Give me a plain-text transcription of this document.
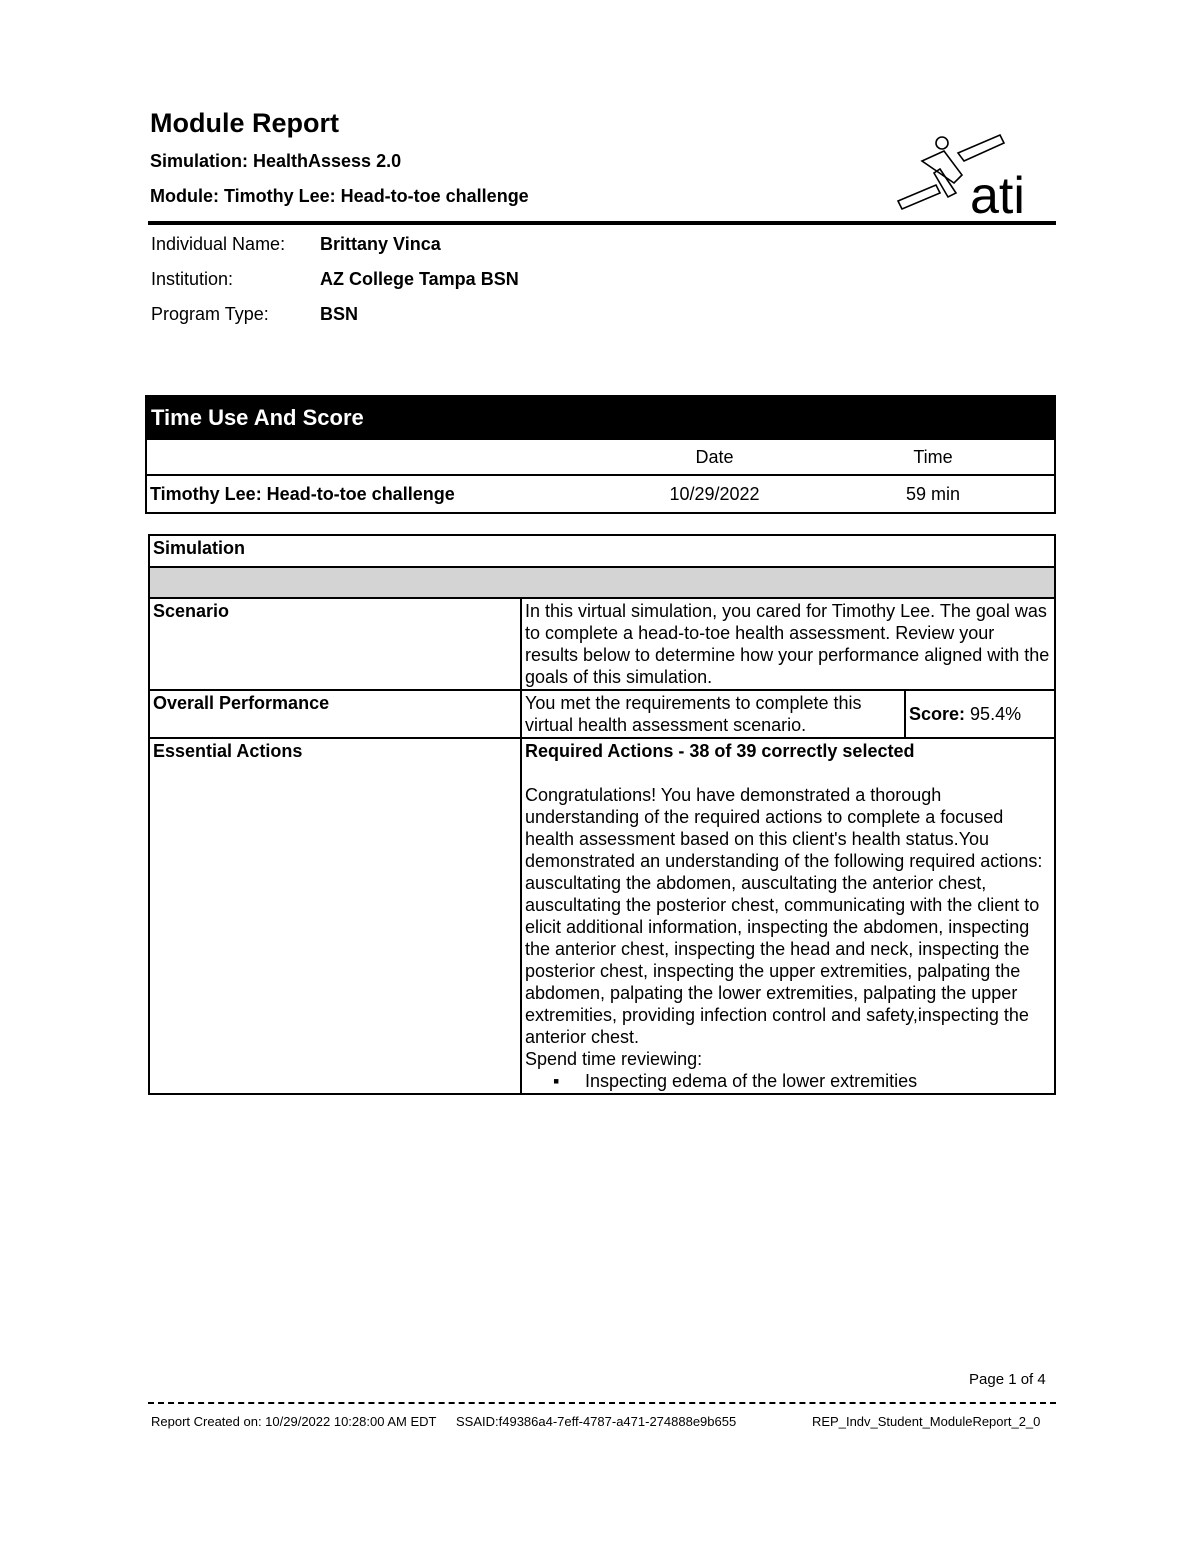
Module Report
Simulation: HealthAssess 2.0
Module: Timothy Lee: Head-to-toe challenge	ati
Individual Name: Brittany Vinca
Institution:	AZ College Tampa BSN
Program Type:	BSN
Time Use And Score		
	Date	Time
Timothy Lee: Head-to-toe challenge	10/29/2022	59 min
Simulation

Scenario	In this virtual simulation, you cared for Timothy Lee. The goal was to complete a head-to-toe health assessment. Review your results below to determine how your performance aligned with the goals of this simulation.
Overall Performance		You met the requirements to complete this virtual health assessment scenario.	Score: 95.4%

Essential Actions	Required Actions - 38 of 39 correctly selected
Congratulations! You have demonstrated a thorough understanding of the required actions to complete a focused health assessment based on this client's health status.You demonstrated an understanding of the following required actions: auscultating the abdomen, auscultating the anterior chest, auscultating the posterior chest, communicating with the client to elicit additional information, inspecting the abdomen, inspecting the anterior chest, inspecting the head and neck, inspecting the posterior chest, inspecting the upper extremities, palpating the abdomen, palpating the lower extremities, palpating the upper extremities, providing infection control and safety,inspecting the anterior chest.
Spend time reviewing:
▪ Inspecting edema of the lower extremities
Page 1 of 4
Report Created on: 10/29/2022 10:28:00 AM EDT	SSAID:f49386a4-7eff-4787-a471-274888e9b655	REP_Indv_Student_ModuleReport_2_0
